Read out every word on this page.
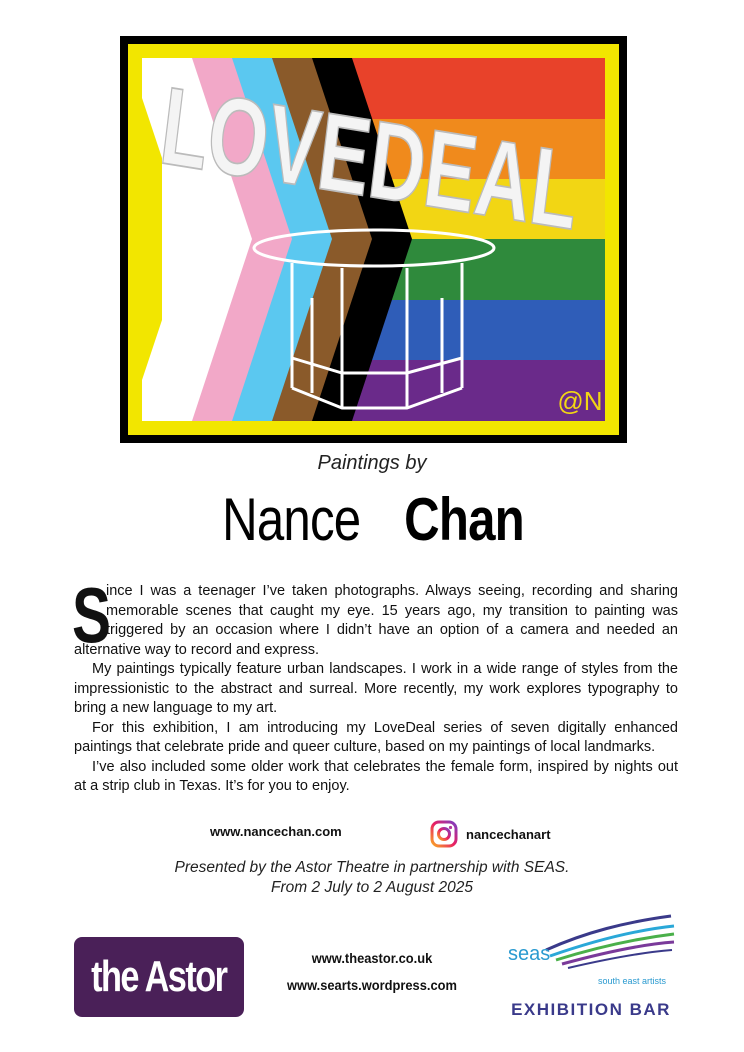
LOVEDEAL
@N
Paintings by
Nance Chan

S
ince I was a teenager I’ve taken photographs. Always seeing, recording and sharing memorable scenes that caught my eye. 15 years ago, my transition to painting was triggered by an occasion where I didn’t have an option of a camera and needed an alternative way to record and express.

My paintings typically feature urban landscapes. I work in a wide range of styles from the impressionistic to the abstract and surreal. More recently, my work explores typography to bring a new language to my art.

For this exhibition, I am introducing my LoveDeal series of seven digitally enhanced paintings that celebrate pride and queer culture, based on my paintings of local landmarks.

I’ve also included some older work that celebrates the female form, inspired by nights out at a strip club in Texas. It’s for you to enjoy.

www.nancechan.com	nancechanart
Presented by the Astor Theatre in partnership with SEAS.
From 2 July to 2 August 2025
the Astor	www.theastor.co.uk
www.searts.wordpress.com
seas
south east artists
EXHIBITION BAR
